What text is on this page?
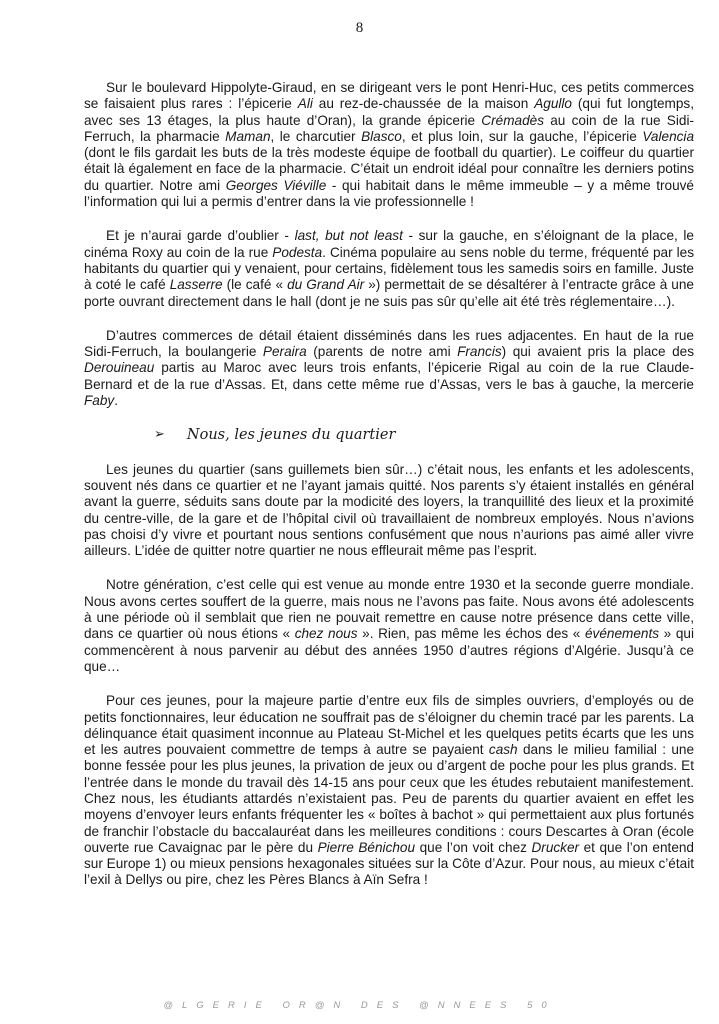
8

Sur le boulevard Hippolyte-Giraud, en se dirigeant vers le pont Henri-Huc, ces petits commerces se faisaient plus rares : l’épicerie Ali au rez-de-chaussée de la maison Agullo (qui fut longtemps, avec ses 13 étages, la plus haute d’Oran), la grande épicerie Crémadès au coin de la rue Sidi-Ferruch, la pharmacie Maman, le charcutier Blasco, et plus loin, sur la gauche, l’épicerie Valencia (dont le fils gardait les buts de la très modeste équipe de football du quartier). Le coiffeur du quartier était là également en face de la pharmacie. C’était un endroit idéal pour connaître les derniers potins du quartier. Notre ami Georges Viéville - qui habitait dans le même immeuble – y a même trouvé l’information qui lui a permis d’entrer dans la vie professionnelle !

Et je n’aurai garde d’oublier - last, but not least - sur la gauche, en s’éloignant de la place, le cinéma Roxy au coin de la rue Podesta. Cinéma populaire au sens noble du terme, fréquenté par les habitants du quartier qui y venaient, pour certains, fidèlement tous les samedis soirs en famille. Juste à coté le café Lasserre (le café « du Grand Air ») permettait de se désaltérer à l’entracte grâce à une porte ouvrant directement dans le hall (dont je ne suis pas sûr qu’elle ait été très réglementaire…).

D’autres commerces de détail étaient disséminés dans les rues adjacentes. En haut de la rue Sidi-Ferruch, la boulangerie Peraira (parents de notre ami Francis) qui avaient pris la place des Derouineau partis au Maroc avec leurs trois enfants, l’épicerie Rigal au coin de la rue Claude-Bernard et de la rue d’Assas. Et, dans cette même rue d’Assas, vers le bas à gauche, la mercerie Faby.

➢ Nous, les jeunes du quartier

Les jeunes du quartier (sans guillemets bien sûr…) c’était nous, les enfants et les adolescents, souvent nés dans ce quartier et ne l’ayant jamais quitté. Nos parents s’y étaient installés en général avant la guerre, séduits sans doute par la modicité des loyers, la tranquillité des lieux et la proximité du centre-ville, de la gare et de l’hôpital civil où travaillaient de nombreux employés. Nous n’avions pas choisi d’y vivre et pourtant nous sentions confusément que nous n’aurions pas aimé aller vivre ailleurs. L’idée de quitter notre quartier ne nous effleurait même pas l’esprit.

Notre génération, c’est celle qui est venue au monde entre 1930 et la seconde guerre mondiale. Nous avons certes souffert de la guerre, mais nous ne l’avons pas faite. Nous avons été adolescents à une période où il semblait que rien ne pouvait remettre en cause notre présence dans cette ville, dans ce quartier où nous étions « chez nous ». Rien, pas même les échos des « événements » qui commencèrent à nous parvenir au début des années 1950 d’autres régions d’Algérie. Jusqu’à ce que…

Pour ces jeunes, pour la majeure partie d’entre eux fils de simples ouvriers, d’employés ou de petits fonctionnaires, leur éducation ne souffrait pas de s’éloigner du chemin tracé par les parents. La délinquance était quasiment inconnue au Plateau St-Michel et les quelques petits écarts que les uns et les autres pouvaient commettre de temps à autre se payaient cash dans le milieu familial : une bonne fessée pour les plus jeunes, la privation de jeux ou d’argent de poche pour les plus grands. Et l’entrée dans le monde du travail dès 14-15 ans pour ceux que les études rebutaient manifestement. Chez nous, les étudiants attardés n’existaient pas. Peu de parents du quartier avaient en effet les moyens d’envoyer leurs enfants fréquenter les « boîtes à bachot » qui permettaient aux plus fortunés de franchir l’obstacle du baccalauréat dans les meilleures conditions : cours Descartes à Oran (école ouverte rue Cavaignac par le père du Pierre Bénichou que l’on voit chez Drucker et que l’on entend sur Europe 1) ou mieux pensions hexagonales situées sur la Côte d’Azur. Pour nous, au mieux c’était l’exil à Dellys ou pire, chez les Pères Blancs à Aïn Sefra !

@LGERIE OR@N DES @NNEES 50
